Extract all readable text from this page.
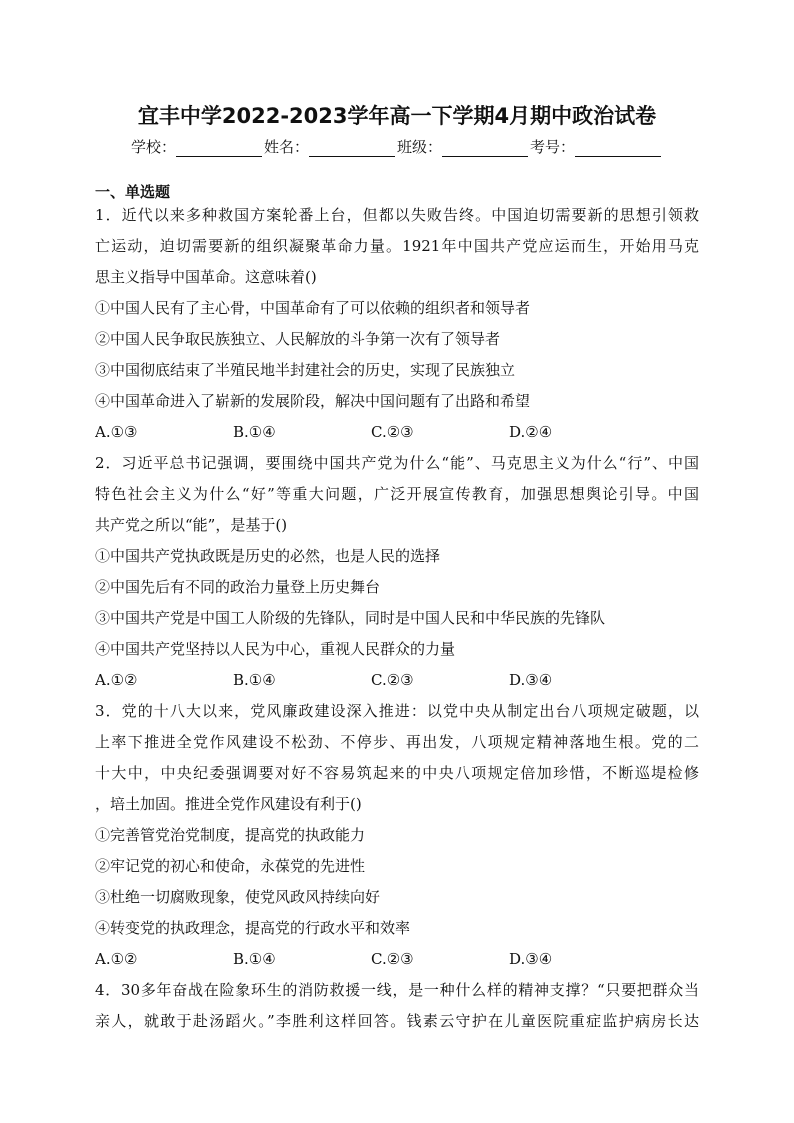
宜丰中学2022-2023学年高一下学期4月期中政治试卷
学校：	姓名：	班级：	考号：
一、单选题
1．近代以来多种救国方案轮番上台，但都以失败告终。中国迫切需要新的思想引领救
亡运动，迫切需要新的组织凝聚革命力量。1921年中国共产党应运而生，开始用马克
思主义指导中国革命。这意味着()
①中国人民有了主心骨，中国革命有了可以依赖的组织者和领导者
②中国人民争取民族独立、人民解放的斗争第一次有了领导者
③中国彻底结束了半殖民地半封建社会的历史，实现了民族独立
④中国革命进入了崭新的发展阶段，解决中国问题有了出路和希望
A.①③	B.①④	C.②③	D.②④
2．习近平总书记强调，要围绕中国共产党为什么“能”、马克思主义为什么“行”、中国
特色社会主义为什么“好”等重大问题，广泛开展宣传教育，加强思想舆论引导。中国
共产党之所以“能”，是基于()
①中国共产党执政既是历史的必然，也是人民的选择
②中国先后有不同的政治力量登上历史舞台
③中国共产党是中国工人阶级的先锋队，同时是中国人民和中华民族的先锋队
④中国共产党坚持以人民为中心，重视人民群众的力量
A.①②	B.①④	C.②③	D.③④
3．党的十八大以来，党风廉政建设深入推进：以党中央从制定出台八项规定破题，以
上率下推进全党作风建设不松劲、不停步、再出发，八项规定精神落地生根。党的二
十大中，中央纪委强调要对好不容易筑起来的中央八项规定倍加珍惜，不断巡堤检修
，培土加固。推进全党作风建设有利于()
①完善管党治党制度，提高党的执政能力
②牢记党的初心和使命，永葆党的先进性
③杜绝一切腐败现象，使党风政风持续向好
④转变党的执政理念，提高党的行政水平和效率
A.①②	B.①④	C.②③	D.③④
4．30多年奋战在险象环生的消防救援一线，是一种什么样的精神支撑？“只要把群众当
亲人，就敢于赴汤蹈火。”李胜利这样回答。钱素云守护在儿童医院重症监护病房长达
